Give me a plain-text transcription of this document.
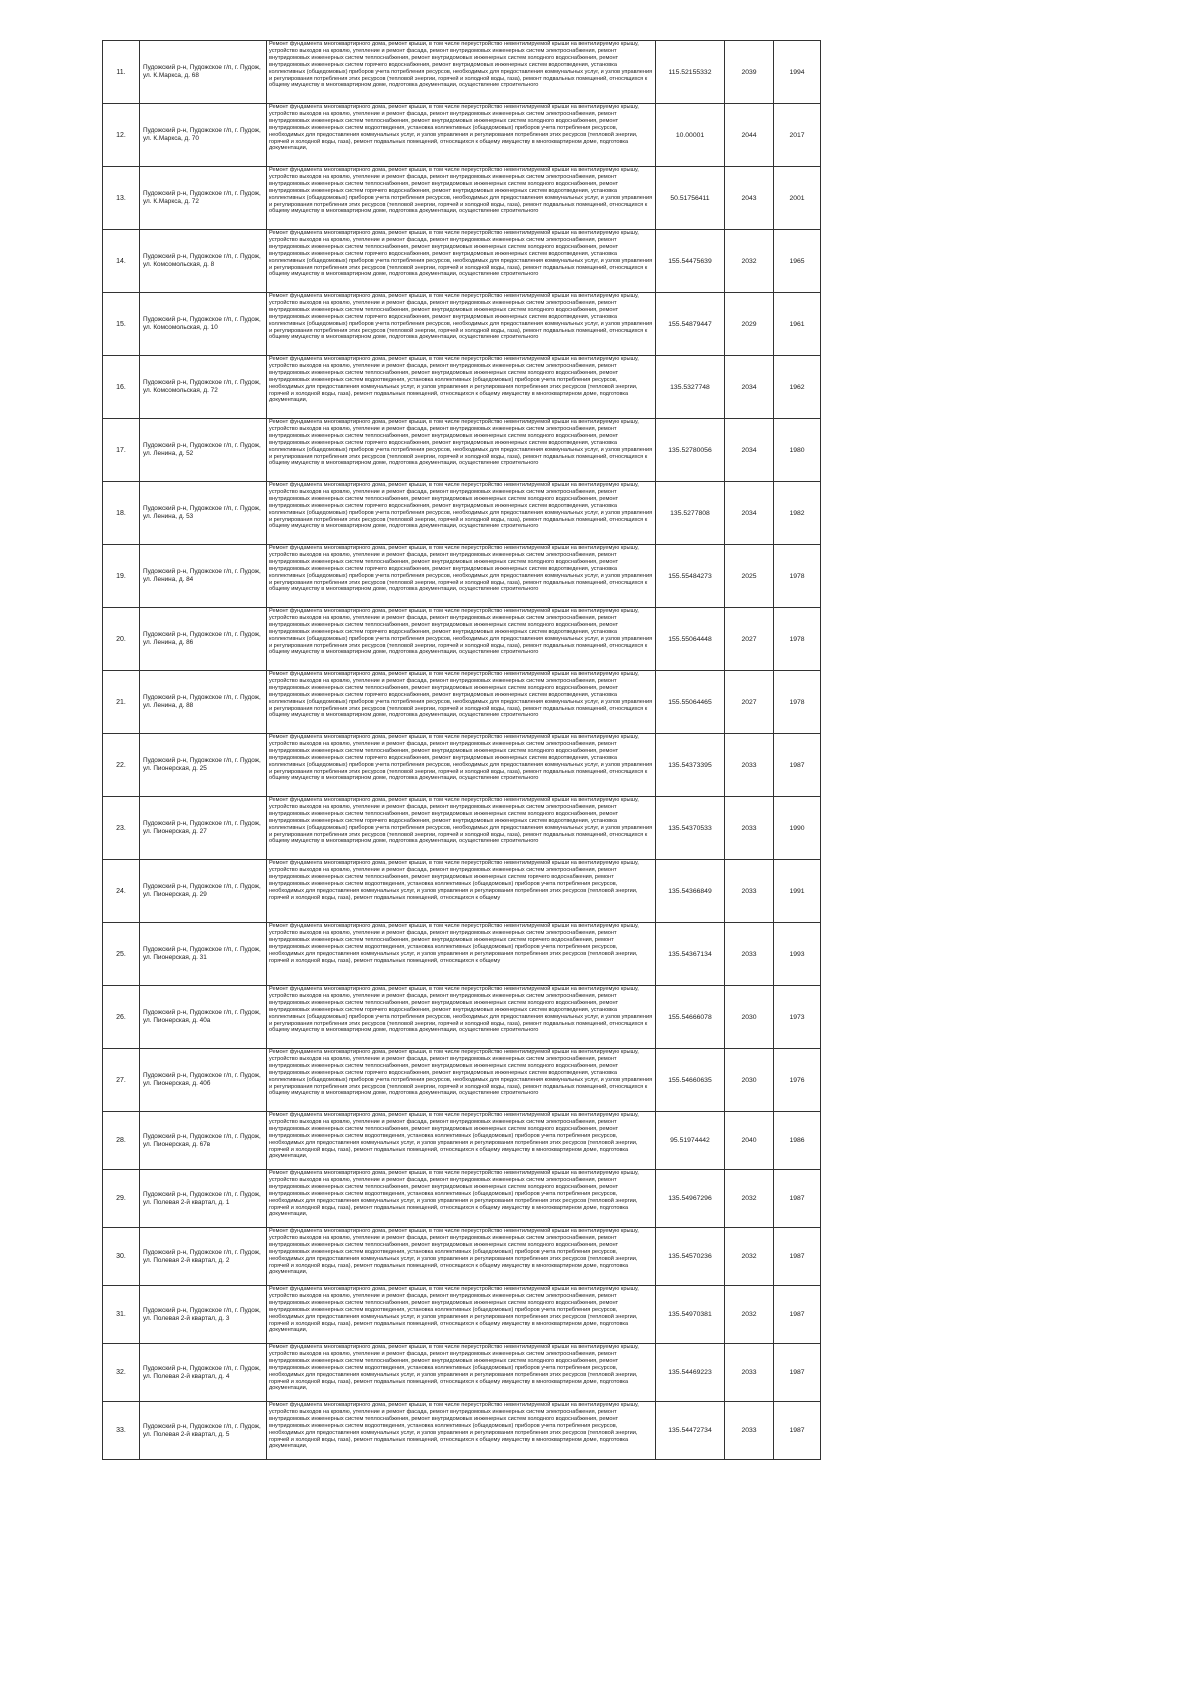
11.	Пудожский р-н, Пудожское г/п, г. Пудож, ул. К.Маркса, д. 68	Ремонт фундамента многоквартирного дома, ремонт крыши, в том числе переустройство невентилируемой крыши на вентилируемую крышу, устройство выходов на кровлю, утепление и ремонт фасада, ремонт внутридомовых инженерных систем электроснабжения, ремонт внутридомовых инженерных систем теплоснабжения, ремонт внутридомовых инженерных систем холодного водоснабжения, ремонт внутридомовых инженерных систем горячего водоснабжения, ремонт внутридомовых инженерных систем водоотведения, установка коллективных (общедомовых) приборов учета потребления ресурсов, необходимых для предоставления коммунальных услуг, и узлов управления и регулирования потребления этих ресурсов (тепловой энергии, горячей и холодной воды, газа), ремонт подвальных помещений, относящихся к общему имуществу в многоквартирном доме, подготовка документации, осуществление строительного	115.52155332	2039	1994
12.	Пудожский р-н, Пудожское г/п, г. Пудож, ул. К.Маркса, д. 70	Ремонт фундамента многоквартирного дома, ремонт крыши, в том числе переустройство невентилируемой крыши на вентилируемую крышу, устройство выходов на кровлю, утепление и ремонт фасада, ремонт внутридомовых инженерных систем электроснабжения, ремонт внутридомовых инженерных систем теплоснабжения, ремонт внутридомовых инженерных систем холодного водоснабжения, ремонт внутридомовых инженерных систем водоотведения, установка коллективных (общедомовых) приборов учета потребления ресурсов, необходимых для предоставления коммунальных услуг, и узлов управления и регулирования потребления этих ресурсов (тепловой энергии, горячей и холодной воды, газа), ремонт подвальных помещений, относящихся к общему имуществу в многоквартирном доме, подготовка документации,	10.00001	2044	2017
13.	Пудожский р-н, Пудожское г/п, г. Пудож, ул. К.Маркса, д. 72	Ремонт фундамента многоквартирного дома, ремонт крыши, в том числе переустройство невентилируемой крыши на вентилируемую крышу, устройство выходов на кровлю, утепление и ремонт фасада, ремонт внутридомовых инженерных систем электроснабжения, ремонт внутридомовых инженерных систем теплоснабжения, ремонт внутридомовых инженерных систем холодного водоснабжения, ремонт внутридомовых инженерных систем горячего водоснабжения, ремонт внутридомовых инженерных систем водоотведения, установка коллективных (общедомовых) приборов учета потребления ресурсов, необходимых для предоставления коммунальных услуг, и узлов управления и регулирования потребления этих ресурсов (тепловой энергии, горячей и холодной воды, газа), ремонт подвальных помещений, относящихся к общему имуществу в многоквартирном доме, подготовка документации, осуществление строительного	50.51756411	2043	2001
14.	Пудожский р-н, Пудожское г/п, г. Пудож, ул. Комсомольская, д. 8	Ремонт фундамента многоквартирного дома, ремонт крыши, в том числе переустройство невентилируемой крыши на вентилируемую крышу, устройство выходов на кровлю, утепление и ремонт фасада, ремонт внутридомовых инженерных систем электроснабжения, ремонт внутридомовых инженерных систем теплоснабжения, ремонт внутридомовых инженерных систем холодного водоснабжения, ремонт внутридомовых инженерных систем горячего водоснабжения, ремонт внутридомовых инженерных систем водоотведения, установка коллективных (общедомовых) приборов учета потребления ресурсов, необходимых для предоставления коммунальных услуг, и узлов управления и регулирования потребления этих ресурсов (тепловой энергии, горячей и холодной воды, газа), ремонт подвальных помещений, относящихся к общему имуществу в многоквартирном доме, подготовка документации, осуществление строительного	155.54475639	2032	1965
15.	Пудожский р-н, Пудожское г/п, г. Пудож, ул. Комсомольская, д. 10	Ремонт фундамента многоквартирного дома, ремонт крыши, в том числе переустройство невентилируемой крыши на вентилируемую крышу, устройство выходов на кровлю, утепление и ремонт фасада, ремонт внутридомовых инженерных систем электроснабжения, ремонт внутридомовых инженерных систем теплоснабжения, ремонт внутридомовых инженерных систем холодного водоснабжения, ремонт внутридомовых инженерных систем горячего водоснабжения, ремонт внутридомовых инженерных систем водоотведения, установка коллективных (общедомовых) приборов учета потребления ресурсов, необходимых для предоставления коммунальных услуг, и узлов управления и регулирования потребления этих ресурсов (тепловой энергии, горячей и холодной воды, газа), ремонт подвальных помещений, относящихся к общему имуществу в многоквартирном доме, подготовка документации, осуществление строительного	155.54879447	2029	1961
16.	Пудожский р-н, Пудожское г/п, г. Пудож, ул. Комсомольская, д. 72	Ремонт фундамента многоквартирного дома, ремонт крыши, в том числе переустройство невентилируемой крыши на вентилируемую крышу, устройство выходов на кровлю, утепление и ремонт фасада, ремонт внутридомовых инженерных систем электроснабжения, ремонт внутридомовых инженерных систем теплоснабжения, ремонт внутридомовых инженерных систем холодного водоснабжения, ремонт внутридомовых инженерных систем водоотведения, установка коллективных (общедомовых) приборов учета потребления ресурсов, необходимых для предоставления коммунальных услуг, и узлов управления и регулирования потребления этих ресурсов (тепловой энергии, горячей и холодной воды, газа), ремонт подвальных помещений, относящихся к общему имуществу в многоквартирном доме, подготовка документации,	135.5327748	2034	1962
17.	Пудожский р-н, Пудожское г/п, г. Пудож, ул. Ленина, д. 52	Ремонт фундамента многоквартирного дома, ремонт крыши, в том числе переустройство невентилируемой крыши на вентилируемую крышу, устройство выходов на кровлю, утепление и ремонт фасада, ремонт внутридомовых инженерных систем электроснабжения, ремонт внутридомовых инженерных систем теплоснабжения, ремонт внутридомовых инженерных систем холодного водоснабжения, ремонт внутридомовых инженерных систем горячего водоснабжения, ремонт внутридомовых инженерных систем водоотведения, установка коллективных (общедомовых) приборов учета потребления ресурсов, необходимых для предоставления коммунальных услуг, и узлов управления и регулирования потребления этих ресурсов (тепловой энергии, горячей и холодной воды, газа), ремонт подвальных помещений, относящихся к общему имуществу в многоквартирном доме, подготовка документации, осуществление строительного	135.52780056	2034	1980
18.	Пудожский р-н, Пудожское г/п, г. Пудож, ул. Ленина, д. 53	Ремонт фундамента многоквартирного дома, ремонт крыши, в том числе переустройство невентилируемой крыши на вентилируемую крышу, устройство выходов на кровлю, утепление и ремонт фасада, ремонт внутридомовых инженерных систем электроснабжения, ремонт внутридомовых инженерных систем теплоснабжения, ремонт внутридомовых инженерных систем холодного водоснабжения, ремонт внутридомовых инженерных систем горячего водоснабжения, ремонт внутридомовых инженерных систем водоотведения, установка коллективных (общедомовых) приборов учета потребления ресурсов, необходимых для предоставления коммунальных услуг, и узлов управления и регулирования потребления этих ресурсов (тепловой энергии, горячей и холодной воды, газа), ремонт подвальных помещений, относящихся к общему имуществу в многоквартирном доме, подготовка документации, осуществление строительного	135.5277808	2034	1982
19.	Пудожский р-н, Пудожское г/п, г. Пудож, ул. Ленина, д. 84	Ремонт фундамента многоквартирного дома, ремонт крыши, в том числе переустройство невентилируемой крыши на вентилируемую крышу, устройство выходов на кровлю, утепление и ремонт фасада, ремонт внутридомовых инженерных систем электроснабжения, ремонт внутридомовых инженерных систем теплоснабжения, ремонт внутридомовых инженерных систем холодного водоснабжения, ремонт внутридомовых инженерных систем горячего водоснабжения, ремонт внутридомовых инженерных систем водоотведения, установка коллективных (общедомовых) приборов учета потребления ресурсов, необходимых для предоставления коммунальных услуг, и узлов управления и регулирования потребления этих ресурсов (тепловой энергии, горячей и холодной воды, газа), ремонт подвальных помещений, относящихся к общему имуществу в многоквартирном доме, подготовка документации, осуществление строительного	155.55484273	2025	1978
20.	Пудожский р-н, Пудожское г/п, г. Пудож, ул. Ленина, д. 86	Ремонт фундамента многоквартирного дома, ремонт крыши, в том числе переустройство невентилируемой крыши на вентилируемую крышу, устройство выходов на кровлю, утепление и ремонт фасада, ремонт внутридомовых инженерных систем электроснабжения, ремонт внутридомовых инженерных систем теплоснабжения, ремонт внутридомовых инженерных систем холодного водоснабжения, ремонт внутридомовых инженерных систем горячего водоснабжения, ремонт внутридомовых инженерных систем водоотведения, установка коллективных (общедомовых) приборов учета потребления ресурсов, необходимых для предоставления коммунальных услуг, и узлов управления и регулирования потребления этих ресурсов (тепловой энергии, горячей и холодной воды, газа), ремонт подвальных помещений, относящихся к общему имуществу в многоквартирном доме, подготовка документации, осуществление строительного	155.55064448	2027	1978
21.	Пудожский р-н, Пудожское г/п, г. Пудож, ул. Ленина, д. 88	Ремонт фундамента многоквартирного дома, ремонт крыши, в том числе переустройство невентилируемой крыши на вентилируемую крышу, устройство выходов на кровлю, утепление и ремонт фасада, ремонт внутридомовых инженерных систем электроснабжения, ремонт внутридомовых инженерных систем теплоснабжения, ремонт внутридомовых инженерных систем холодного водоснабжения, ремонт внутридомовых инженерных систем горячего водоснабжения, ремонт внутридомовых инженерных систем водоотведения, установка коллективных (общедомовых) приборов учета потребления ресурсов, необходимых для предоставления коммунальных услуг, и узлов управления и регулирования потребления этих ресурсов (тепловой энергии, горячей и холодной воды, газа), ремонт подвальных помещений, относящихся к общему имуществу в многоквартирном доме, подготовка документации, осуществление строительного	155.55064465	2027	1978
22.	Пудожский р-н, Пудожское г/п, г. Пудож, ул. Пионерская, д. 25	Ремонт фундамента многоквартирного дома, ремонт крыши, в том числе переустройство невентилируемой крыши на вентилируемую крышу, устройство выходов на кровлю, утепление и ремонт фасада, ремонт внутридомовых инженерных систем электроснабжения, ремонт внутридомовых инженерных систем теплоснабжения, ремонт внутридомовых инженерных систем холодного водоснабжения, ремонт внутридомовых инженерных систем горячего водоснабжения, ремонт внутридомовых инженерных систем водоотведения, установка коллективных (общедомовых) приборов учета потребления ресурсов, необходимых для предоставления коммунальных услуг, и узлов управления и регулирования потребления этих ресурсов (тепловой энергии, горячей и холодной воды, газа), ремонт подвальных помещений, относящихся к общему имуществу в многоквартирном доме, подготовка документации, осуществление строительного	135.54373395	2033	1987
23.	Пудожский р-н, Пудожское г/п, г. Пудож, ул. Пионерская, д. 27	Ремонт фундамента многоквартирного дома, ремонт крыши, в том числе переустройство невентилируемой крыши на вентилируемую крышу, устройство выходов на кровлю, утепление и ремонт фасада, ремонт внутридомовых инженерных систем электроснабжения, ремонт внутридомовых инженерных систем теплоснабжения, ремонт внутридомовых инженерных систем холодного водоснабжения, ремонт внутридомовых инженерных систем горячего водоснабжения, ремонт внутридомовых инженерных систем водоотведения, установка коллективных (общедомовых) приборов учета потребления ресурсов, необходимых для предоставления коммунальных услуг, и узлов управления и регулирования потребления этих ресурсов (тепловой энергии, горячей и холодной воды, газа), ремонт подвальных помещений, относящихся к общему имуществу в многоквартирном доме, подготовка документации, осуществление строительного	135.54370533	2033	1990
24.	Пудожский р-н, Пудожское г/п, г. Пудож, ул. Пионерская, д. 29	Ремонт фундамента многоквартирного дома, ремонт крыши, в том числе переустройство невентилируемой крыши на вентилируемую крышу, устройство выходов на кровлю, утепление и ремонт фасада, ремонт внутридомовых инженерных систем электроснабжения, ремонт внутридомовых инженерных систем теплоснабжения, ремонт внутридомовых инженерных систем горячего водоснабжения, ремонт внутридомовых инженерных систем водоотведения, установка коллективных (общедомовых) приборов учета потребления ресурсов, необходимых для предоставления коммунальных услуг, и узлов управления и регулирования потребления этих ресурсов (тепловой энергии, горячей и холодной воды, газа), ремонт подвальных помещений, относящихся к общему	135.54366849	2033	1991
25.	Пудожский р-н, Пудожское г/п, г. Пудож, ул. Пионерская, д. 31	Ремонт фундамента многоквартирного дома, ремонт крыши, в том числе переустройство невентилируемой крыши на вентилируемую крышу, устройство выходов на кровлю, утепление и ремонт фасада, ремонт внутридомовых инженерных систем электроснабжения, ремонт внутридомовых инженерных систем теплоснабжения, ремонт внутридомовых инженерных систем горячего водоснабжения, ремонт внутридомовых инженерных систем водоотведения, установка коллективных (общедомовых) приборов учета потребления ресурсов, необходимых для предоставления коммунальных услуг, и узлов управления и регулирования потребления этих ресурсов (тепловой энергии, горячей и холодной воды, газа), ремонт подвальных помещений, относящихся к общему	135.54367134	2033	1993
26.	Пудожский р-н, Пудожское г/п, г. Пудож, ул. Пионерская, д. 40а	Ремонт фундамента многоквартирного дома, ремонт крыши, в том числе переустройство невентилируемой крыши на вентилируемую крышу, устройство выходов на кровлю, утепление и ремонт фасада, ремонт внутридомовых инженерных систем электроснабжения, ремонт внутридомовых инженерных систем теплоснабжения, ремонт внутридомовых инженерных систем холодного водоснабжения, ремонт внутридомовых инженерных систем горячего водоснабжения, ремонт внутридомовых инженерных систем водоотведения, установка коллективных (общедомовых) приборов учета потребления ресурсов, необходимых для предоставления коммунальных услуг, и узлов управления и регулирования потребления этих ресурсов (тепловой энергии, горячей и холодной воды, газа), ремонт подвальных помещений, относящихся к общему имуществу в многоквартирном доме, подготовка документации, осуществление строительного	155.54666078	2030	1973
27.	Пудожский р-н, Пудожское г/п, г. Пудож, ул. Пионерская, д. 40б	Ремонт фундамента многоквартирного дома, ремонт крыши, в том числе переустройство невентилируемой крыши на вентилируемую крышу, устройство выходов на кровлю, утепление и ремонт фасада, ремонт внутридомовых инженерных систем электроснабжения, ремонт внутридомовых инженерных систем теплоснабжения, ремонт внутридомовых инженерных систем холодного водоснабжения, ремонт внутридомовых инженерных систем горячего водоснабжения, ремонт внутридомовых инженерных систем водоотведения, установка коллективных (общедомовых) приборов учета потребления ресурсов, необходимых для предоставления коммунальных услуг, и узлов управления и регулирования потребления этих ресурсов (тепловой энергии, горячей и холодной воды, газа), ремонт подвальных помещений, относящихся к общему имуществу в многоквартирном доме, подготовка документации, осуществление строительного	155.54660635	2030	1976
28.	Пудожский р-н, Пудожское г/п, г. Пудож, ул. Пионерская, д. 67в	Ремонт фундамента многоквартирного дома, ремонт крыши, в том числе переустройство невентилируемой крыши на вентилируемую крышу, устройство выходов на кровлю, утепление и ремонт фасада, ремонт внутридомовых инженерных систем электроснабжения, ремонт внутридомовых инженерных систем теплоснабжения, ремонт внутридомовых инженерных систем холодного водоснабжения, ремонт внутридомовых инженерных систем водоотведения, установка коллективных (общедомовых) приборов учета потребления ресурсов, необходимых для предоставления коммунальных услуг, и узлов управления и регулирования потребления этих ресурсов (тепловой энергии, горячей и холодной воды, газа), ремонт подвальных помещений, относящихся к общему имуществу в многоквартирном доме, подготовка документации,	95.51974442	2040	1986
29.	Пудожский р-н, Пудожское г/п, г. Пудож, ул. Полевая 2-й квартал, д. 1	Ремонт фундамента многоквартирного дома, ремонт крыши, в том числе переустройство невентилируемой крыши на вентилируемую крышу, устройство выходов на кровлю, утепление и ремонт фасада, ремонт внутридомовых инженерных систем электроснабжения, ремонт внутридомовых инженерных систем теплоснабжения, ремонт внутридомовых инженерных систем холодного водоснабжения, ремонт внутридомовых инженерных систем водоотведения, установка коллективных (общедомовых) приборов учета потребления ресурсов, необходимых для предоставления коммунальных услуг, и узлов управления и регулирования потребления этих ресурсов (тепловой энергии, горячей и холодной воды, газа), ремонт подвальных помещений, относящихся к общему имуществу в многоквартирном доме, подготовка документации,	135.54967296	2032	1987
30.	Пудожский р-н, Пудожское г/п, г. Пудож, ул. Полевая 2-й квартал, д. 2	Ремонт фундамента многоквартирного дома, ремонт крыши, в том числе переустройство невентилируемой крыши на вентилируемую крышу, устройство выходов на кровлю, утепление и ремонт фасада, ремонт внутридомовых инженерных систем электроснабжения, ремонт внутридомовых инженерных систем теплоснабжения, ремонт внутридомовых инженерных систем холодного водоснабжения, ремонт внутридомовых инженерных систем водоотведения, установка коллективных (общедомовых) приборов учета потребления ресурсов, необходимых для предоставления коммунальных услуг, и узлов управления и регулирования потребления этих ресурсов (тепловой энергии, горячей и холодной воды, газа), ремонт подвальных помещений, относящихся к общему имуществу в многоквартирном доме, подготовка документации,	135.54570236	2032	1987
31.	Пудожский р-н, Пудожское г/п, г. Пудож, ул. Полевая 2-й квартал, д. 3	Ремонт фундамента многоквартирного дома, ремонт крыши, в том числе переустройство невентилируемой крыши на вентилируемую крышу, устройство выходов на кровлю, утепление и ремонт фасада, ремонт внутридомовых инженерных систем электроснабжения, ремонт внутридомовых инженерных систем теплоснабжения, ремонт внутридомовых инженерных систем холодного водоснабжения, ремонт внутридомовых инженерных систем водоотведения, установка коллективных (общедомовых) приборов учета потребления ресурсов, необходимых для предоставления коммунальных услуг, и узлов управления и регулирования потребления этих ресурсов (тепловой энергии, горячей и холодной воды, газа), ремонт подвальных помещений, относящихся к общему имуществу в многоквартирном доме, подготовка документации,	135.54970381	2032	1987
32.	Пудожский р-н, Пудожское г/п, г. Пудож, ул. Полевая 2-й квартал, д. 4	Ремонт фундамента многоквартирного дома, ремонт крыши, в том числе переустройство невентилируемой крыши на вентилируемую крышу, устройство выходов на кровлю, утепление и ремонт фасада, ремонт внутридомовых инженерных систем электроснабжения, ремонт внутридомовых инженерных систем теплоснабжения, ремонт внутридомовых инженерных систем холодного водоснабжения, ремонт внутридомовых инженерных систем водоотведения, установка коллективных (общедомовых) приборов учета потребления ресурсов, необходимых для предоставления коммунальных услуг, и узлов управления и регулирования потребления этих ресурсов (тепловой энергии, горячей и холодной воды, газа), ремонт подвальных помещений, относящихся к общему имуществу в многоквартирном доме, подготовка документации,	135.54469223	2033	1987
33.	Пудожский р-н, Пудожское г/п, г. Пудож, ул. Полевая 2-й квартал, д. 5	Ремонт фундамента многоквартирного дома, ремонт крыши, в том числе переустройство невентилируемой крыши на вентилируемую крышу, устройство выходов на кровлю, утепление и ремонт фасада, ремонт внутридомовых инженерных систем электроснабжения, ремонт внутридомовых инженерных систем теплоснабжения, ремонт внутридомовых инженерных систем холодного водоснабжения, ремонт внутридомовых инженерных систем водоотведения, установка коллективных (общедомовых) приборов учета потребления ресурсов, необходимых для предоставления коммунальных услуг, и узлов управления и регулирования потребления этих ресурсов (тепловой энергии, горячей и холодной воды, газа), ремонт подвальных помещений, относящихся к общему имуществу в многоквартирном доме, подготовка документации,	135.54472734	2033	1987
